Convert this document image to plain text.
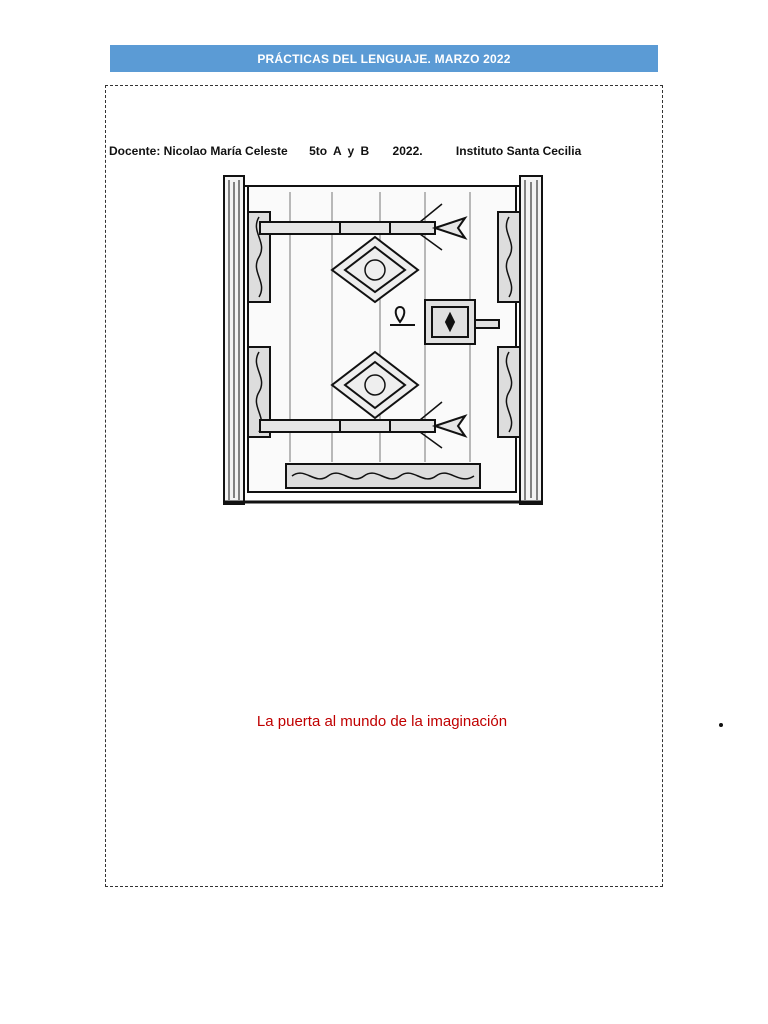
PRÁCTICAS DEL LENGUAJE. MARZO 2022
Docente: Nicolao María Celeste 5to A y B 2022.	Instituto Santa Cecilia
La puerta al mundo de la imaginación
